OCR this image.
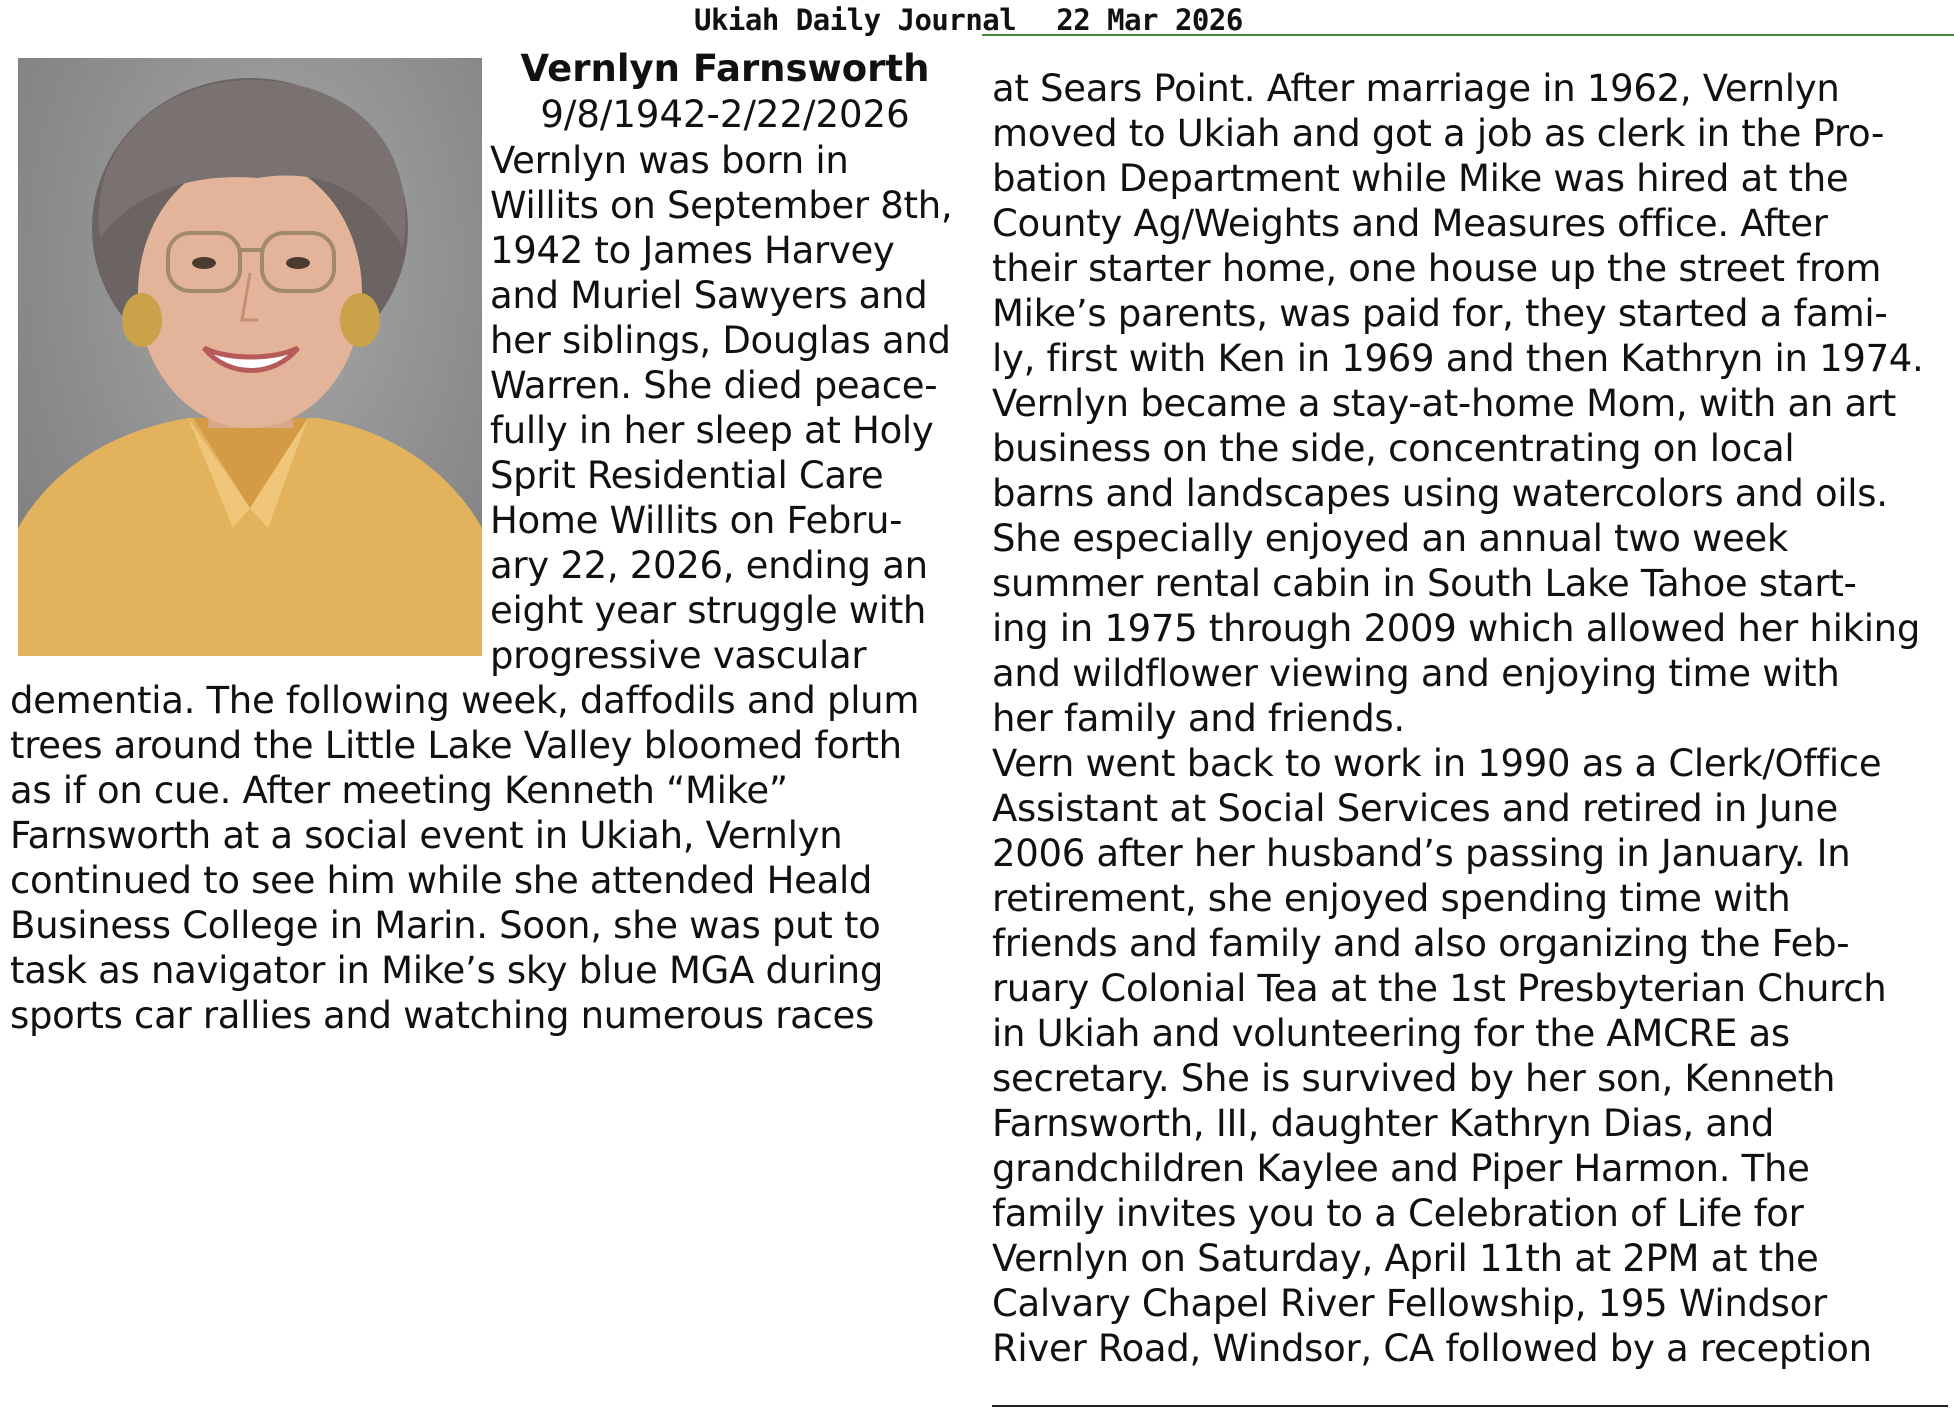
Ukiah Daily Journal 22 Mar 2026
Vernlyn Farnsworth
9/8/1942-2/22/2026
Vernlyn was born in
Willits on September 8th,
1942 to James Harvey
and Muriel Sawyers and
her siblings, Douglas and
Warren. She died peace-
fully in her sleep at Holy
Sprit Residential Care
Home Willits on Febru-
ary 22, 2026, ending an
eight year struggle with
progressive vascular
dementia. The following week, daffodils and plum
trees around the Little Lake Valley bloomed forth
as if on cue. After meeting Kenneth “Mike”
Farnsworth at a social event in Ukiah, Vernlyn
continued to see him while she attended Heald
Business College in Marin. Soon, she was put to
task as navigator in Mike’s sky blue MGA during
sports car rallies and watching numerous races
at Sears Point. After marriage in 1962, Vernlyn
moved to Ukiah and got a job as clerk in the Pro-
bation Department while Mike was hired at the
County Ag/Weights and Measures office. After
their starter home, one house up the street from
Mike’s parents, was paid for, they started a fami-
ly, first with Ken in 1969 and then Kathryn in 1974.
Vernlyn became a stay-at-home Mom, with an art
business on the side, concentrating on local
barns and landscapes using watercolors and oils.
She especially enjoyed an annual two week
summer rental cabin in South Lake Tahoe start-
ing in 1975 through 2009 which allowed her hiking
and wildflower viewing and enjoying time with
her family and friends.
Vern went back to work in 1990 as a Clerk/Office
Assistant at Social Services and retired in June
2006 after her husband’s passing in January. In
retirement, she enjoyed spending time with
friends and family and also organizing the Feb-
ruary Colonial Tea at the 1st Presbyterian Church
in Ukiah and volunteering for the AMCRE as
secretary. She is survived by her son, Kenneth
Farnsworth, III, daughter Kathryn Dias, and
grandchildren Kaylee and Piper Harmon. The
family invites you to a Celebration of Life for
Vernlyn on Saturday, April 11th at 2PM at the
Calvary Chapel River Fellowship, 195 Windsor
River Road, Windsor, CA followed by a reception
